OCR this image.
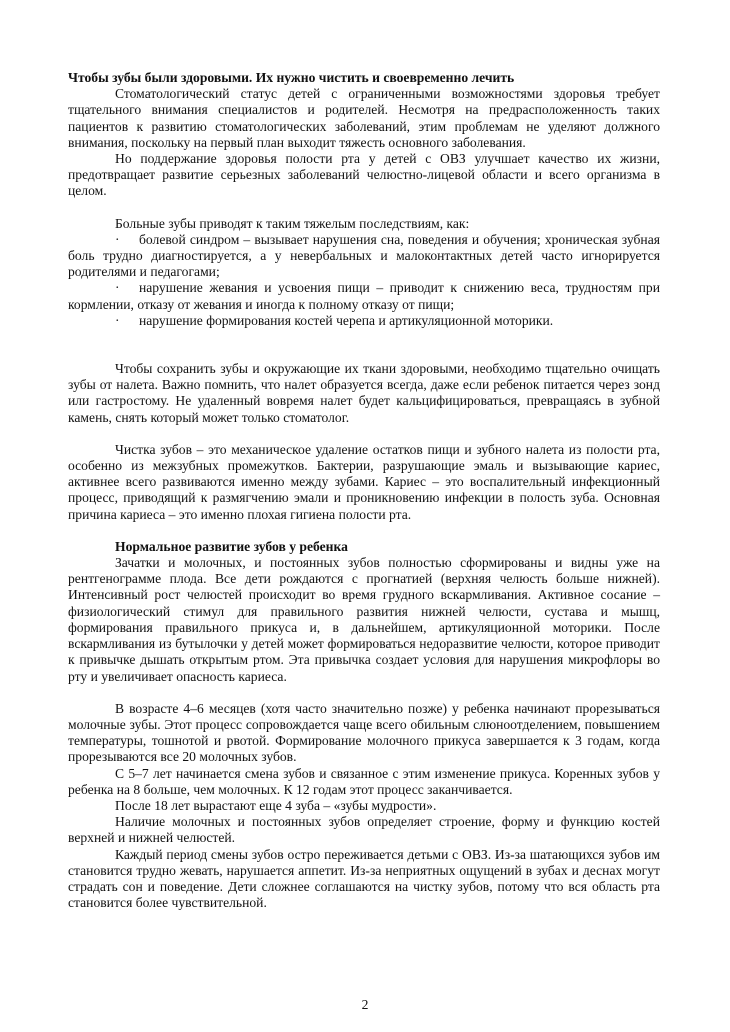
Чтобы зубы были здоровыми. Их нужно чистить и своевременно лечить

Стоматологический статус детей с ограниченными возможностями здоровья требует тщательного внимания специалистов и родителей. Несмотря на предрасположенность таких пациентов к развитию стоматологических заболеваний, этим проблемам не уделяют должного внимания, поскольку на первый план выходит тяжесть основного заболевания.

Но поддержание здоровья полости рта у детей с ОВЗ улучшает качество их жизни, предотвращает развитие серьезных заболеваний челюстно-лицевой области и всего организма в целом.

Больные зубы приводят к таким тяжелым последствиям, как:

· болевой синдром – вызывает нарушения сна, поведения и обучения; хроническая зубная боль трудно диагностируется, а у невербальных и малоконтактных детей часто игнорируется родителями и педагогами;

· нарушение жевания и усвоения пищи – приводит к снижению веса, трудностям при кормлении, отказу от жевания и иногда к полному отказу от пищи;

· нарушение формирования костей черепа и артикуляционной моторики.

Чтобы сохранить зубы и окружающие их ткани здоровыми, необходимо тщательно очищать зубы от налета. Важно помнить, что налет образуется всегда, даже если ребенок питается через зонд или гастростому. Не удаленный вовремя налет будет кальцифицироваться, превращаясь в зубной камень, снять который может только стоматолог.

Чистка зубов – это механическое удаление остатков пищи и зубного налета из полости рта, особенно из межзубных промежутков. Бактерии, разрушающие эмаль и вызывающие кариес, активнее всего развиваются именно между зубами. Кариес – это воспалительный инфекционный процесс, приводящий к размягчению эмали и проникновению инфекции в полость зуба. Основная причина кариеса – это именно плохая гигиена полости рта.

Нормальное развитие зубов у ребенка

Зачатки и молочных, и постоянных зубов полностью сформированы и видны уже на рентгенограмме плода. Все дети рождаются с прогнатией (верхняя челюсть больше нижней). Интенсивный рост челюстей происходит во время грудного вскармливания. Активное сосание – физиологический стимул для правильного развития нижней челюсти, сустава и мышц, формирования правильного прикуса и, в дальнейшем, артикуляционной моторики. После вскармливания из бутылочки у детей может формироваться недоразвитие челюсти, которое приводит к привычке дышать открытым ртом. Эта привычка создает условия для нарушения микрофлоры во рту и увеличивает опасность кариеса.

В возрасте 4–6 месяцев (хотя часто значительно позже) у ребенка начинают прорезываться молочные зубы. Этот процесс сопровождается чаще всего обильным слюноотделением, повышением температуры, тошнотой и рвотой. Формирование молочного прикуса завершается к 3 годам, когда прорезываются все 20 молочных зубов.

С 5–7 лет начинается смена зубов и связанное с этим изменение прикуса. Коренных зубов у ребенка на 8 больше, чем молочных. К 12 годам этот процесс заканчивается.

После 18 лет вырастают еще 4 зуба – «зубы мудрости».

Наличие молочных и постоянных зубов определяет строение, форму и функцию костей верхней и нижней челюстей.

Каждый период смены зубов остро переживается детьми с ОВЗ. Из-за шатающихся зубов им становится трудно жевать, нарушается аппетит. Из-за неприятных ощущений в зубах и деснах могут страдать сон и поведение. Дети сложнее соглашаются на чистку зубов, потому что вся область рта становится более чувствительной.

2
